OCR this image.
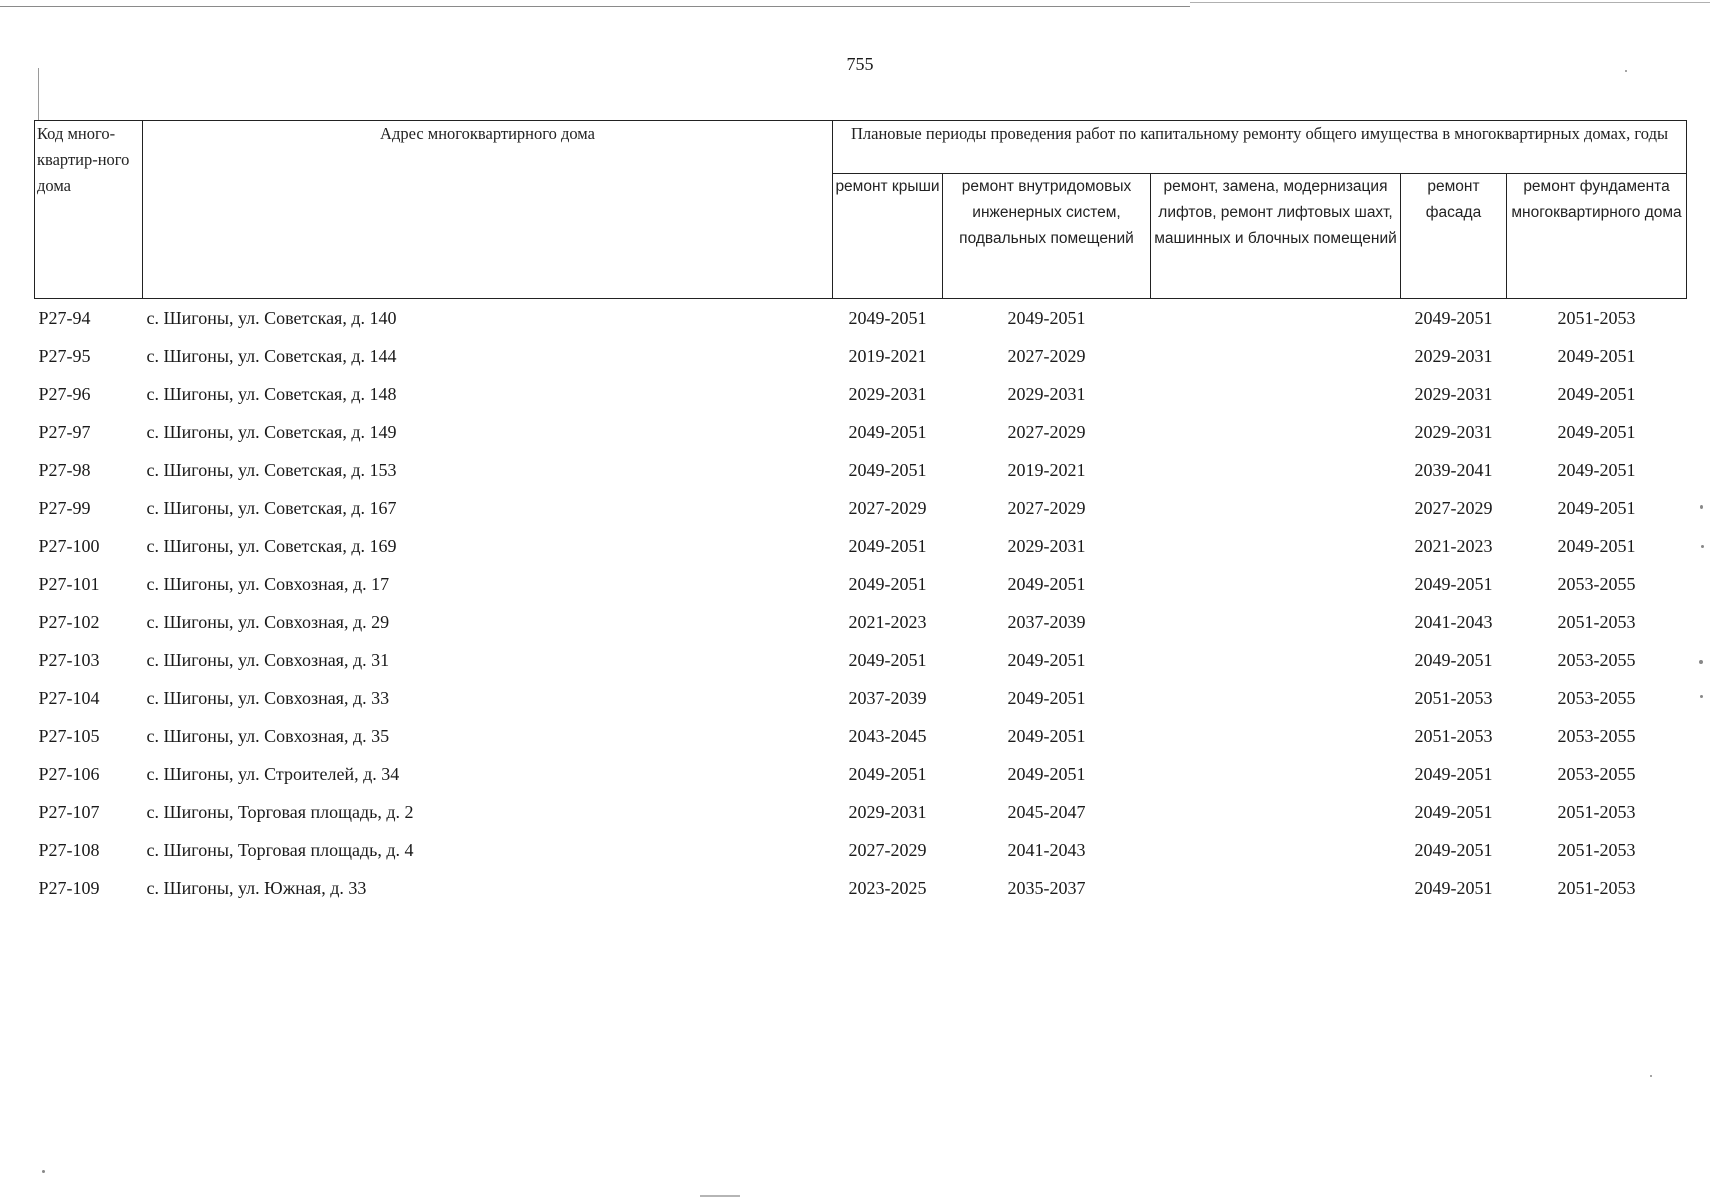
755
Код много-квартир-ного дома	Адрес многоквартирного дома	Плановые периоды проведения работ по капитальному ремонту общего имущества в многоквартирных домах, годы				
		ремонт крыши	ремонт внутридомовых инженерных систем, подвальных помещений	ремонт, замена, модернизация лифтов, ремонт лифтовых шахт, машинных и блочных помещений	ремонт фасада	ремонт фундамента многоквартирного дома
Р27-94	с. Шигоны, ул. Советская, д. 140	2049-2051	2049-2051		2049-2051	2051-2053
Р27-95	с. Шигоны, ул. Советская, д. 144	2019-2021	2027-2029		2029-2031	2049-2051
Р27-96	с. Шигоны, ул. Советская, д. 148	2029-2031	2029-2031		2029-2031	2049-2051
Р27-97	с. Шигоны, ул. Советская, д. 149	2049-2051	2027-2029		2029-2031	2049-2051
Р27-98	с. Шигоны, ул. Советская, д. 153	2049-2051	2019-2021		2039-2041	2049-2051
Р27-99	с. Шигоны, ул. Советская, д. 167	2027-2029	2027-2029		2027-2029	2049-2051
Р27-100	с. Шигоны, ул. Советская, д. 169	2049-2051	2029-2031		2021-2023	2049-2051
Р27-101	с. Шигоны, ул. Совхозная, д. 17	2049-2051	2049-2051		2049-2051	2053-2055
Р27-102	с. Шигоны, ул. Совхозная, д. 29	2021-2023	2037-2039		2041-2043	2051-2053
Р27-103	с. Шигоны, ул. Совхозная, д. 31	2049-2051	2049-2051		2049-2051	2053-2055
Р27-104	с. Шигоны, ул. Совхозная, д. 33	2037-2039	2049-2051		2051-2053	2053-2055
Р27-105	с. Шигоны, ул. Совхозная, д. 35	2043-2045	2049-2051		2051-2053	2053-2055
Р27-106	с. Шигоны, ул. Строителей, д. 34	2049-2051	2049-2051		2049-2051	2053-2055
Р27-107	с. Шигоны, Торговая площадь, д. 2	2029-2031	2045-2047		2049-2051	2051-2053
Р27-108	с. Шигоны, Торговая площадь, д. 4	2027-2029	2041-2043		2049-2051	2051-2053
Р27-109	с. Шигоны, ул. Южная, д. 33	2023-2025	2035-2037		2049-2051	2051-2053
